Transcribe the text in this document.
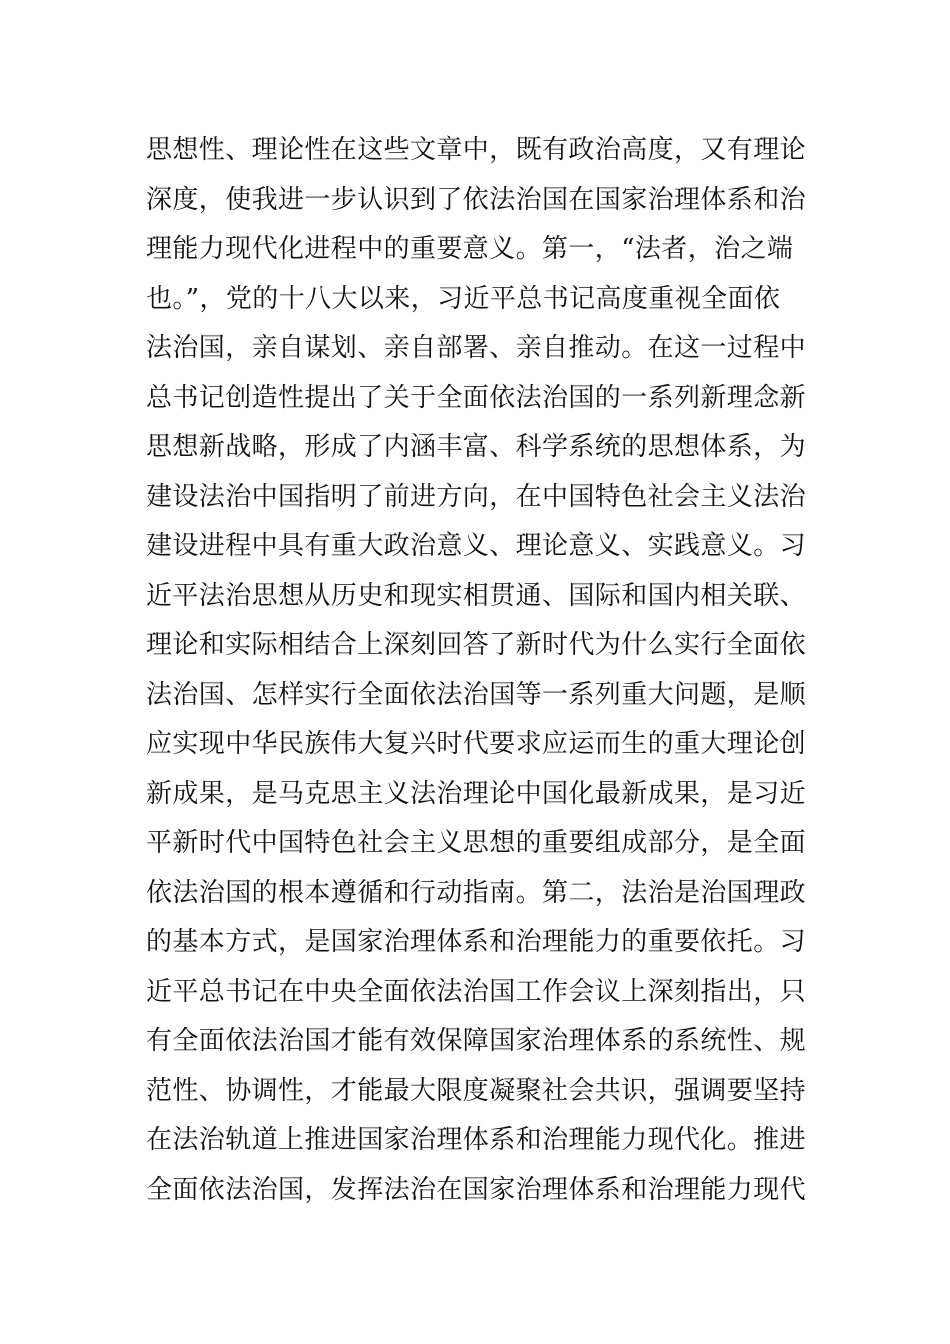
思想性、理论性在这些文章中，既有政治高度，又有理论
深度，使我进一步认识到了依法治国在国家治理体系和治
理能力现代化进程中的重要意义。第一，“法者，治之端
也。”，党的十八大以来，习近平总书记高度重视全面依
法治国，亲自谋划、亲自部署、亲自推动。在这一过程中
总书记创造性提出了关于全面依法治国的一系列新理念新
思想新战略，形成了内涵丰富、科学系统的思想体系，为
建设法治中国指明了前进方向，在中国特色社会主义法治
建设进程中具有重大政治意义、理论意义、实践意义。习
近平法治思想从历史和现实相贯通、国际和国内相关联、
理论和实际相结合上深刻回答了新时代为什么实行全面依
法治国、怎样实行全面依法治国等一系列重大问题，是顺
应实现中华民族伟大复兴时代要求应运而生的重大理论创
新成果，是马克思主义法治理论中国化最新成果，是习近
平新时代中国特色社会主义思想的重要组成部分，是全面
依法治国的根本遵循和行动指南。第二，法治是治国理政
的基本方式，是国家治理体系和治理能力的重要依托。习
近平总书记在中央全面依法治国工作会议上深刻指出，只
有全面依法治国才能有效保障国家治理体系的系统性、规
范性、协调性，才能最大限度凝聚社会共识，强调要坚持
在法治轨道上推进国家治理体系和治理能力现代化。推进
全面依法治国，发挥法治在国家治理体系和治理能力现代
